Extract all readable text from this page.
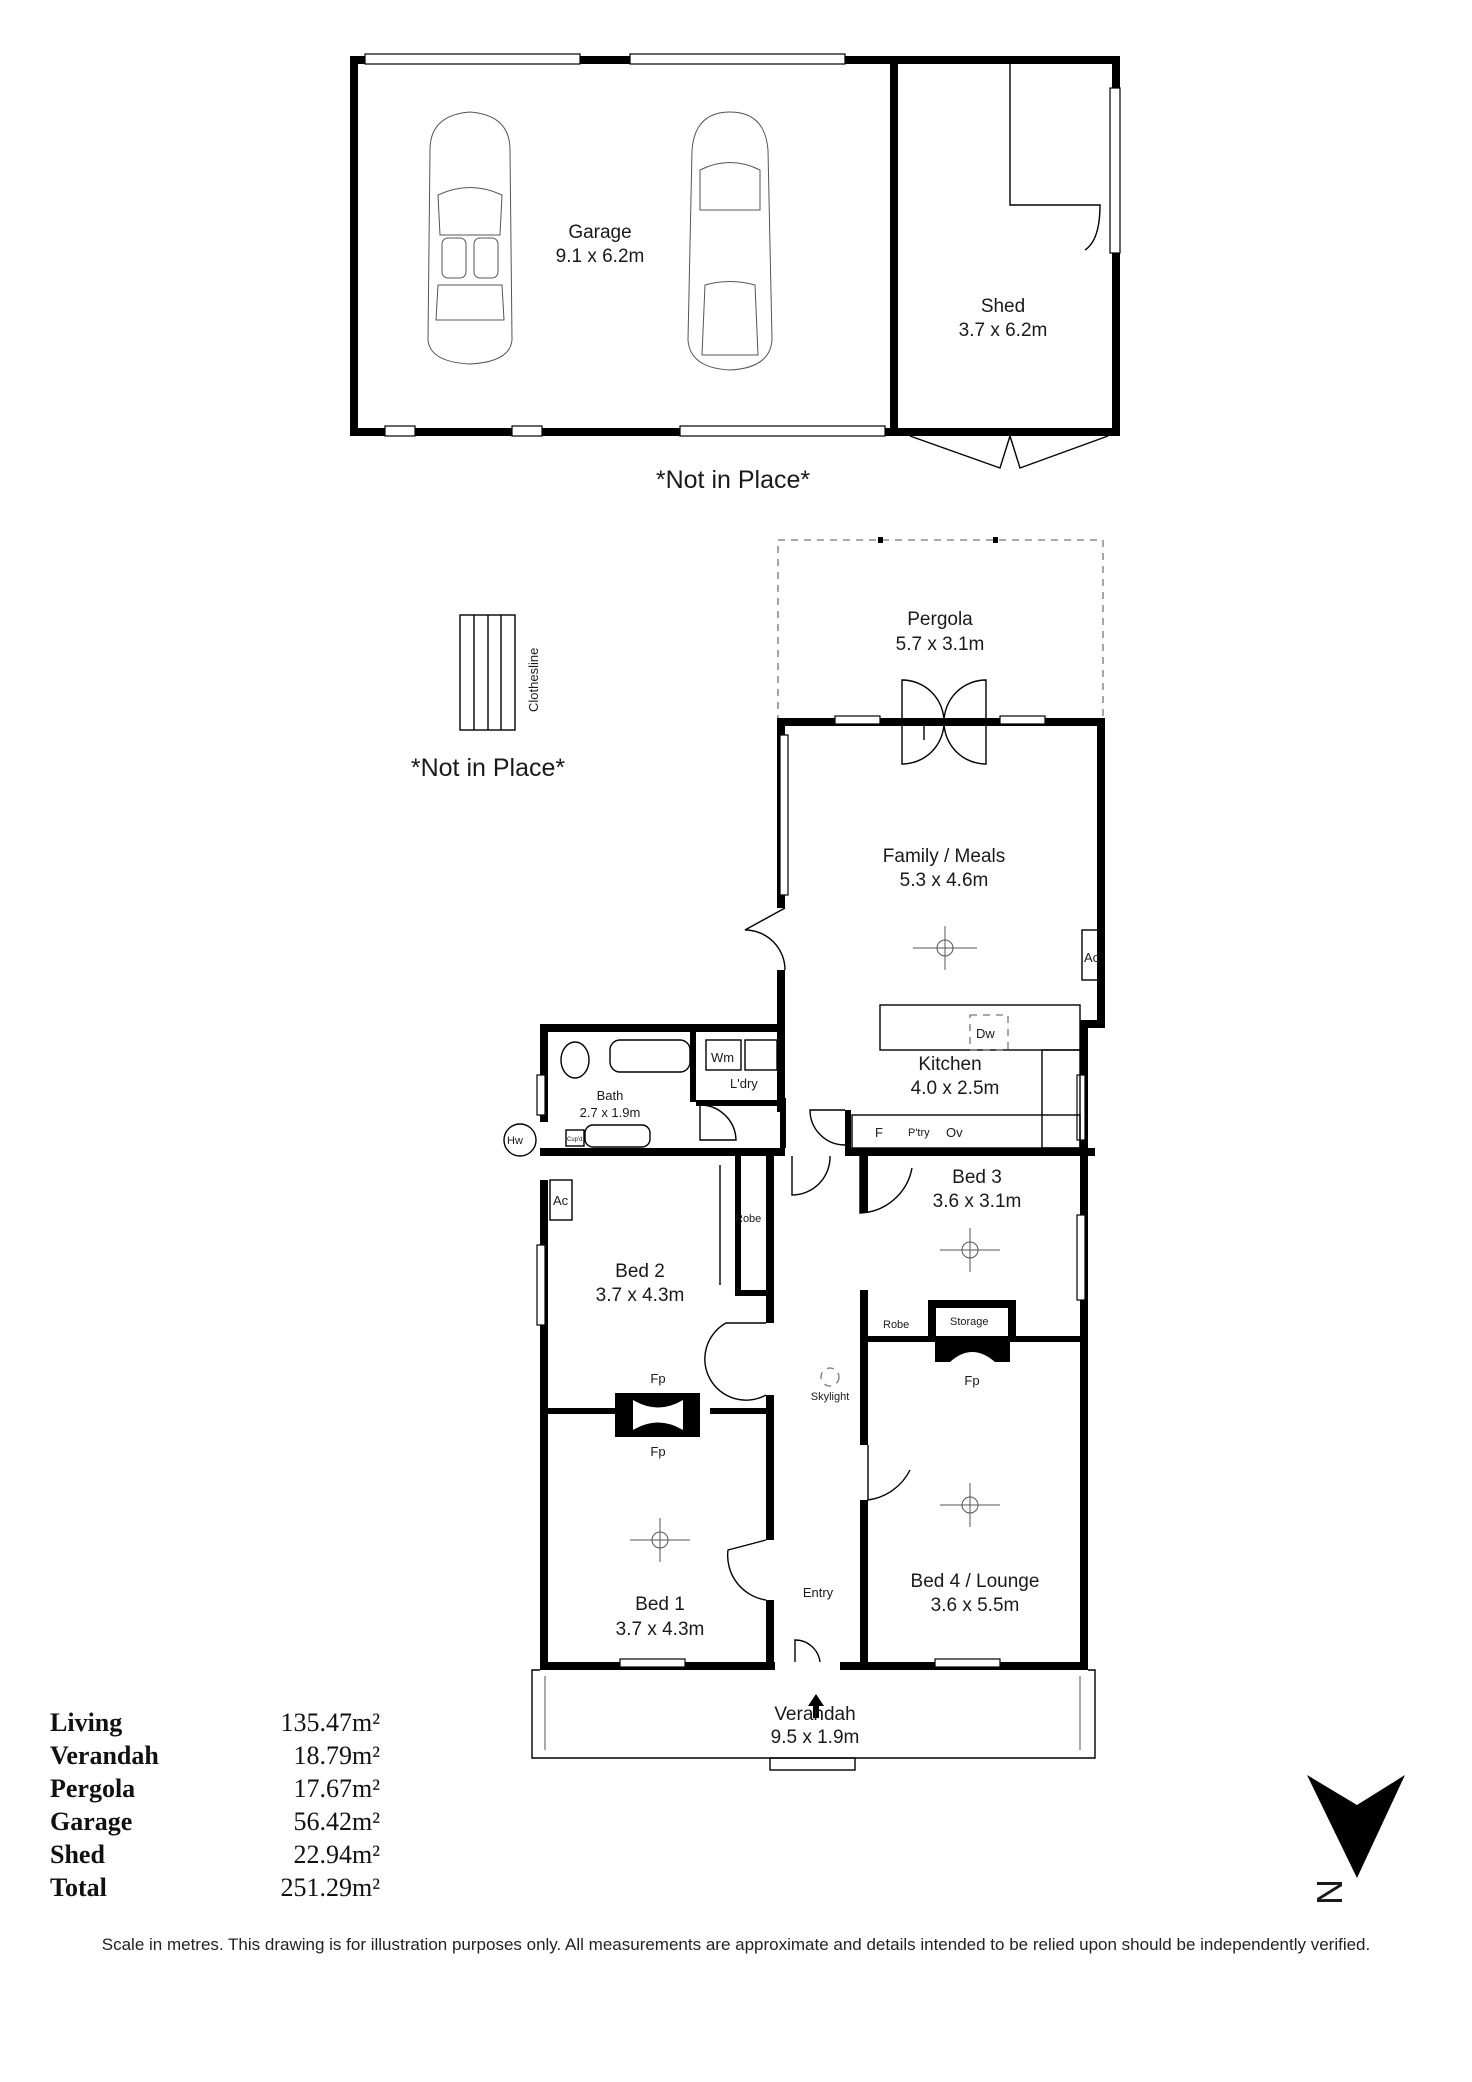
Garage
9.1 x 6.2m
Shed
3.7 x 6.2m
*Not in Place*
Clothesline
*Not in Place*
Pergola
5.7 x 3.1m
Ac
Dw
F P'try Ov
Wm
L'dry
Hw	Cup'd
Ac
Robe
Fp
Fp
Fp
Robe	Storage
Skylight
9.5 x 1.9m
Verandah
Family / Meals
5.3 x 4.6m
Kitchen
4.0 x 2.5m
Bath
2.7 x 1.9m
Bed 2
3.7 x 4.3m
Bed 3
3.6 x 3.1m
Bed 1
3.7 x 4.3m
Bed 4 / Lounge
3.6 x 5.5m
Entry
N
Living	135.47m²
Verandah	18.79m²
Pergola	17.67m²
Garage	56.42m²
Shed	22.94m²
Total	251.29m²
Scale in metres. This drawing is for illustration purposes only. All measurements are approximate and details intended to be relied upon should be independently verified.
